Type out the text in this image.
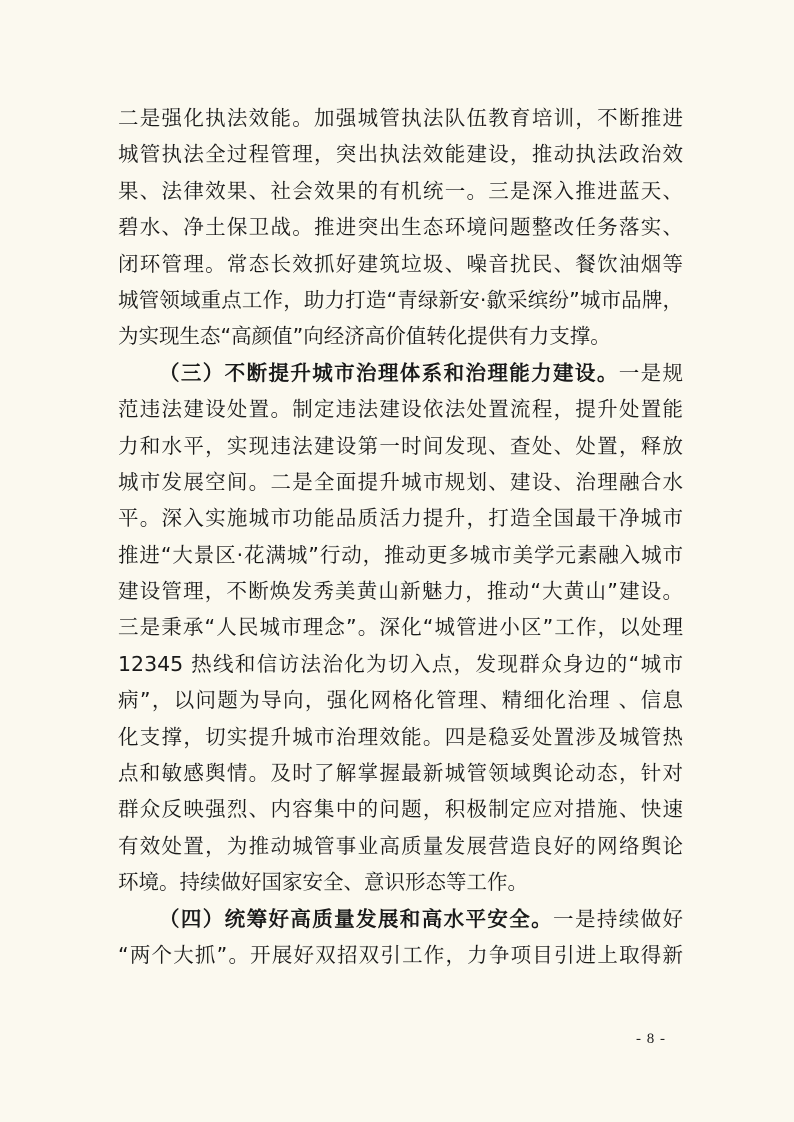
二是强化执法效能。加强城管执法队伍教育培训，不断推进
城管执法全过程管理，突出执法效能建设，推动执法政治效
果、法律效果、社会效果的有机统一。三是深入推进蓝天、
碧水、净土保卫战。推进突出生态环境问题整改任务落实、
闭环管理。常态长效抓好建筑垃圾、噪音扰民、餐饮油烟等
城管领域重点工作，助力打造“青绿新安·歙采缤纷”城市品牌，
为实现生态“高颜值”向经济高价值转化提供有力支撑。
（三）不断提升城市治理体系和治理能力建设。一是规
范违法建设处置。制定违法建设依法处置流程，提升处置能
力和水平，实现违法建设第一时间发现、查处、处置，释放
城市发展空间。二是全面提升城市规划、建设、治理融合水
平。深入实施城市功能品质活力提升，打造全国最干净城市
推进“大景区·花满城”行动，推动更多城市美学元素融入城市
建设管理，不断焕发秀美黄山新魅力，推动“大黄山”建设。
三是秉承“人民城市理念”。深化“城管进小区”工作，以处理
12345 热线和信访法治化为切入点，发现群众身边的“城市
病”，以问题为导向，强化网格化管理、精细化治理 、信息
化支撑，切实提升城市治理效能。四是稳妥处置涉及城管热
点和敏感舆情。及时了解掌握最新城管领域舆论动态，针对
群众反映强烈、内容集中的问题，积极制定应对措施、快速
有效处置，为推动城管事业高质量发展营造良好的网络舆论
环境。持续做好国家安全、意识形态等工作。
（四）统筹好高质量发展和高水平安全。一是持续做好
“两个大抓”。开展好双招双引工作，力争项目引进上取得新
- 8 -
